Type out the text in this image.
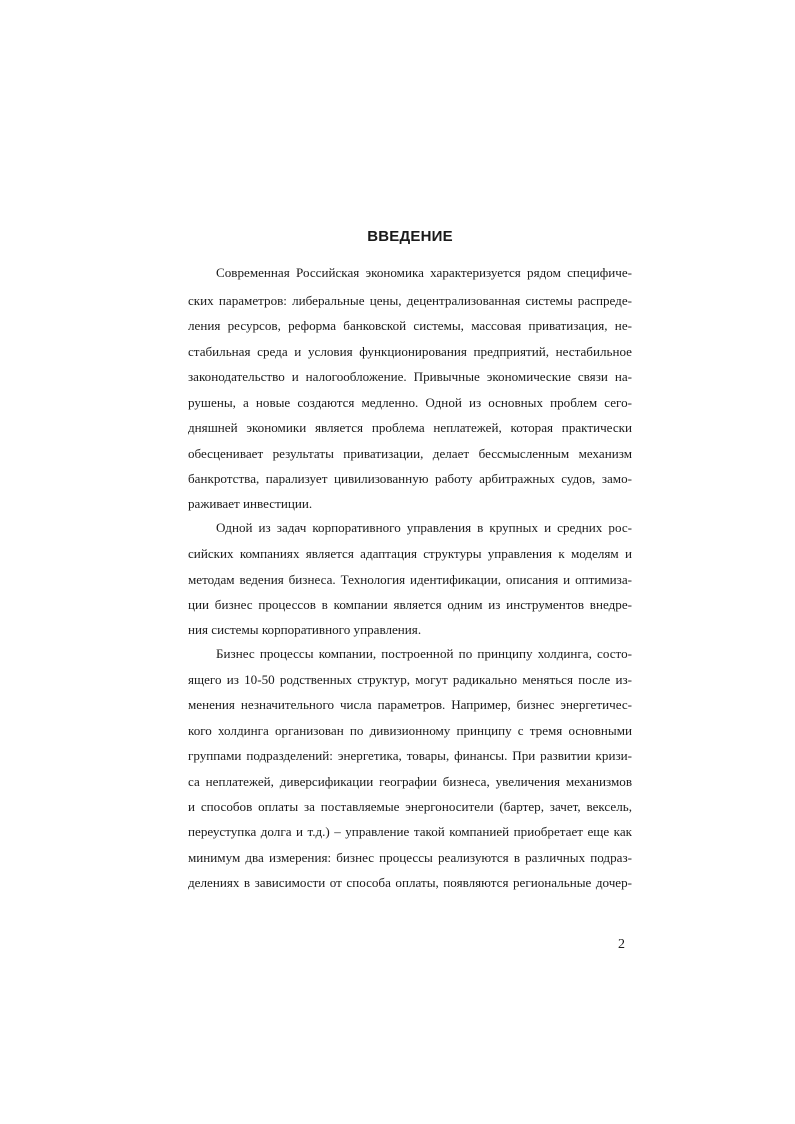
ВВЕДЕНИЕ
Современная Российская экономика характеризуется рядом специфиче-
ских параметров: либеральные цены, децентрализованная системы распреде-
ления ресурсов, реформа банковской системы, массовая приватизация, не-
стабильная среда и условия функционирования предприятий, нестабильное
законодательство и налогообложение. Привычные экономические связи на-
рушены, а новые создаются медленно. Одной из основных проблем сего-
дняшней экономики является проблема неплатежей, которая практически
обесценивает результаты приватизации, делает бессмысленным механизм
банкротства, парализует цивилизованную работу арбитражных судов, замо-
раживает инвестиции.
Одной из задач корпоративного управления в крупных и средних рос-
сийских компаниях является адаптация структуры управления к моделям и
методам ведения бизнеса. Технология идентификации, описания и оптимиза-
ции бизнес процессов в компании является одним из инструментов внедре-
ния системы корпоративного управления.
Бизнес процессы компании, построенной по принципу холдинга, состо-
ящего из 10-50 родственных структур, могут радикально меняться после из-
менения незначительного числа параметров. Например, бизнес энергетичес-
кого холдинга организован по дивизионному принципу с тремя основными
группами подразделений: энергетика, товары, финансы. При развитии кризи-
са неплатежей, диверсификации географии бизнеса, увеличения механизмов
и способов оплаты за поставляемые энергоносители (бартер, зачет, вексель,
переуступка долга и т.д.) – управление такой компанией приобретает еще как
минимум два измерения: бизнес процессы реализуются в различных подраз-
делениях в зависимости от способа оплаты, появляются региональные дочер-
2
